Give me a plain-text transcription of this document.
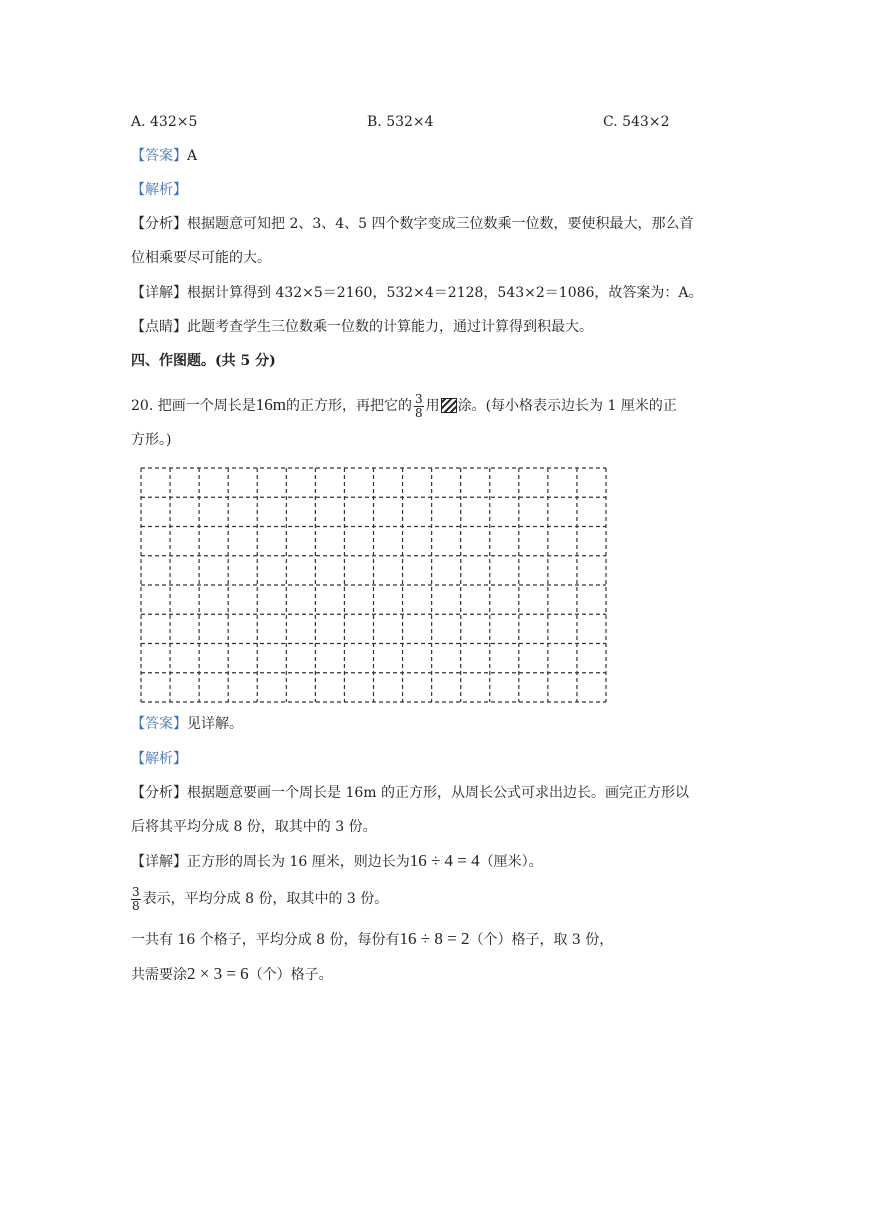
A. 432×5	B. 532×4	C. 543×2
【答案】A
【解析】
【分析】根据题意可知把 2、3、4、5 四个数字变成三位数乘一位数，要使积最大，那么首
位相乘要尽可能的大。
【详解】根据计算得到 432×5＝2160，532×4＝2128，543×2＝1086，故答案为：A。
【点睛】此题考查学生三位数乘一位数的计算能力，通过计算得到积最大。
四、作图题。(共 5 分)
20. 把画一个周长是16m的正方形，再把它的 $\frac{3}{8}$ 用 涂。(每小格表示边长为 1 厘米的正
方形。)
【答案】见详解。
【解析】
【分析】根据题意要画一个周长是 16m 的正方形，从周长公式可求出边长。画完正方形以
后将其平均分成 8 份，取其中的 3 份。
【详解】正方形的周长为 16 厘米，则边长为16 ÷ 4 = 4（厘米）。
$\frac{3}{8}$ 表示，平均分成 8 份，取其中的 3 份。
一共有 16 个格子，平均分成 8 份，每份有16 ÷ 8 = 2（个）格子，取 3 份，
共需要涂2 × 3 = 6（个）格子。
